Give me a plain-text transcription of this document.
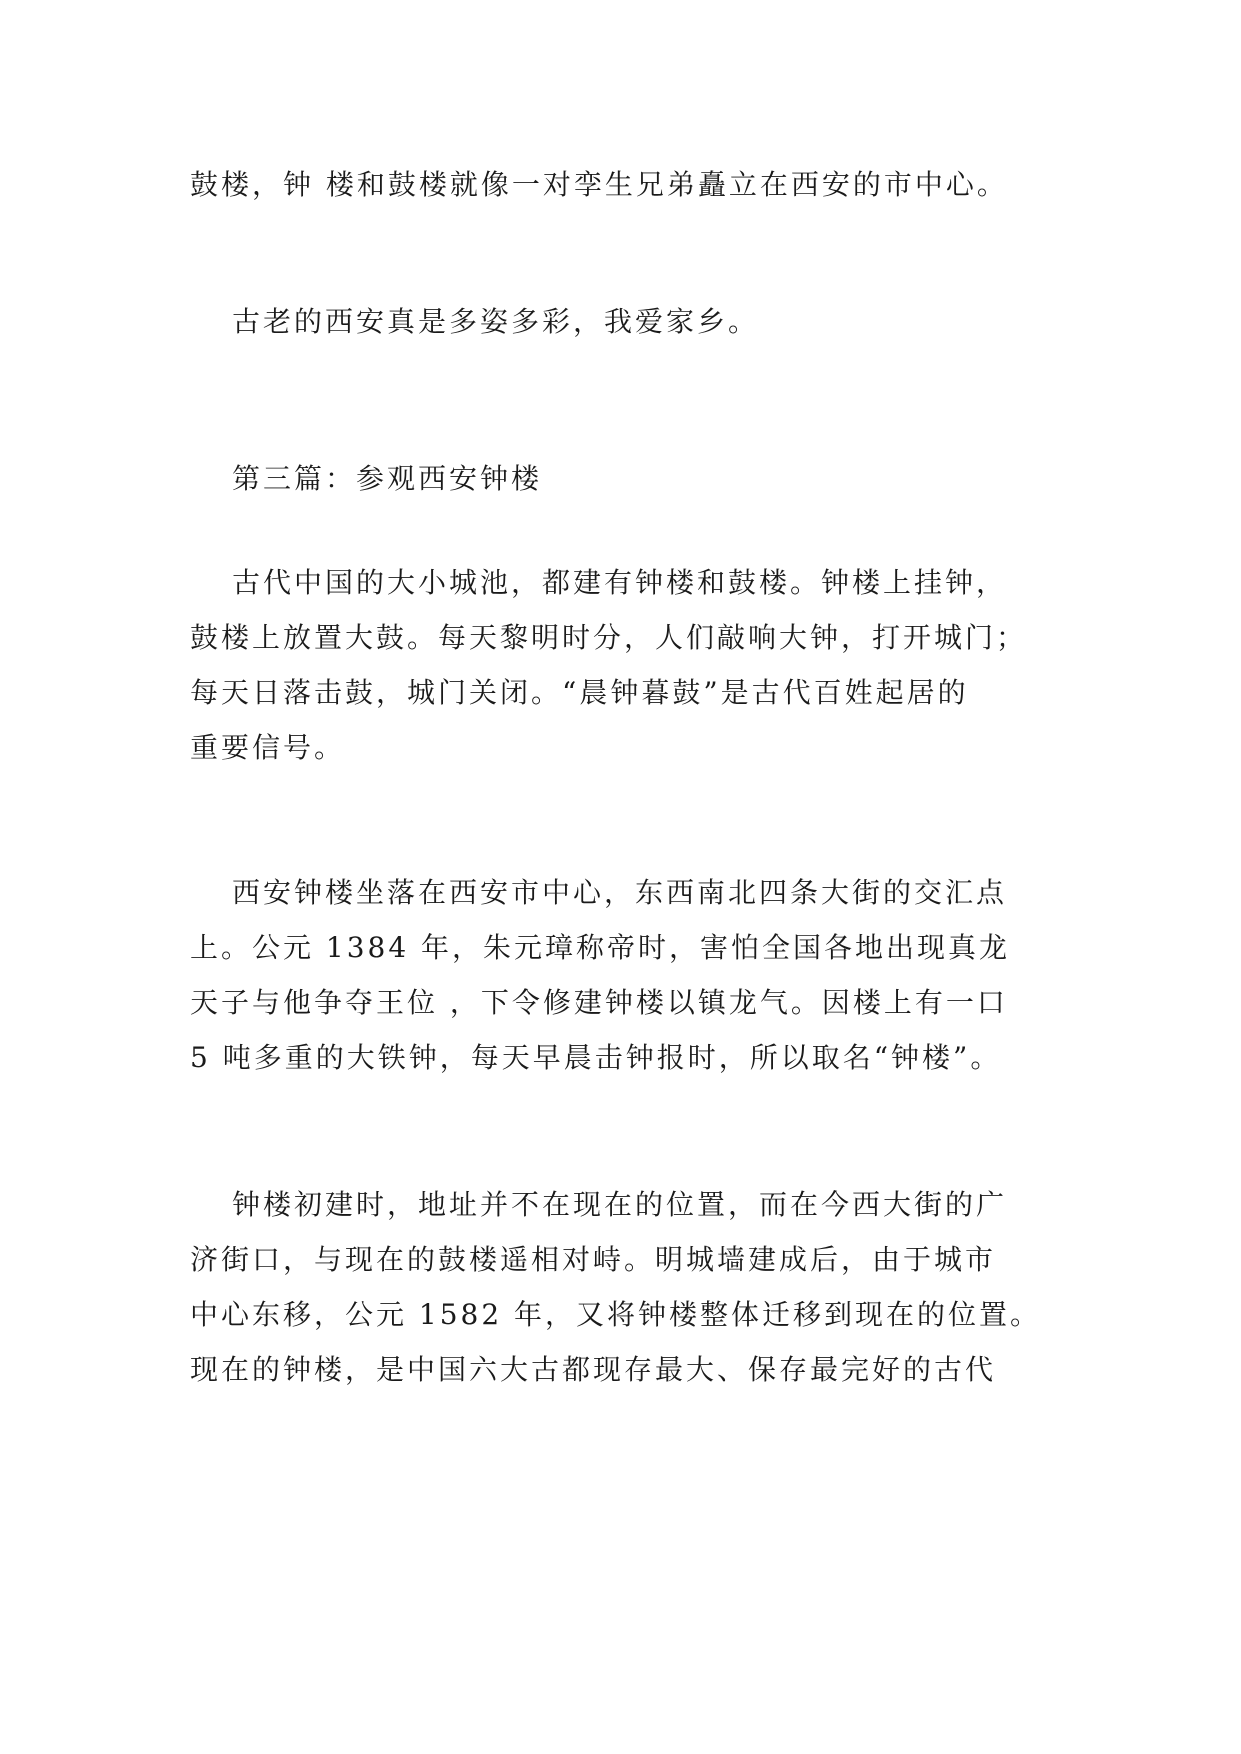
鼓楼，钟 楼和鼓楼就像一对孪生兄弟矗立在西安的市中心。
古老的西安真是多姿多彩，我爱家乡。
第三篇：参观西安钟楼
古代中国的大小城池，都建有钟楼和鼓楼。钟楼上挂钟，
鼓楼上放置大鼓。每天黎明时分，人们敲响大钟，打开城门；
每天日落击鼓，城门关闭。“晨钟暮鼓”是古代百姓起居的
重要信号。
西安钟楼坐落在西安市中心，东西南北四条大街的交汇点
上。公元 1384 年，朱元璋称帝时，害怕全国各地出现真龙
天子与他争夺王位 ，下令修建钟楼以镇龙气。因楼上有一口
5 吨多重的大铁钟，每天早晨击钟报时，所以取名“钟楼”。
钟楼初建时，地址并不在现在的位置，而在今西大街的广
济街口，与现在的鼓楼遥相对峙。明城墙建成后，由于城市
中心东移，公元 1582 年，又将钟楼整体迁移到现在的位置。
现在的钟楼，是中国六大古都现存最大、保存最完好的古代
